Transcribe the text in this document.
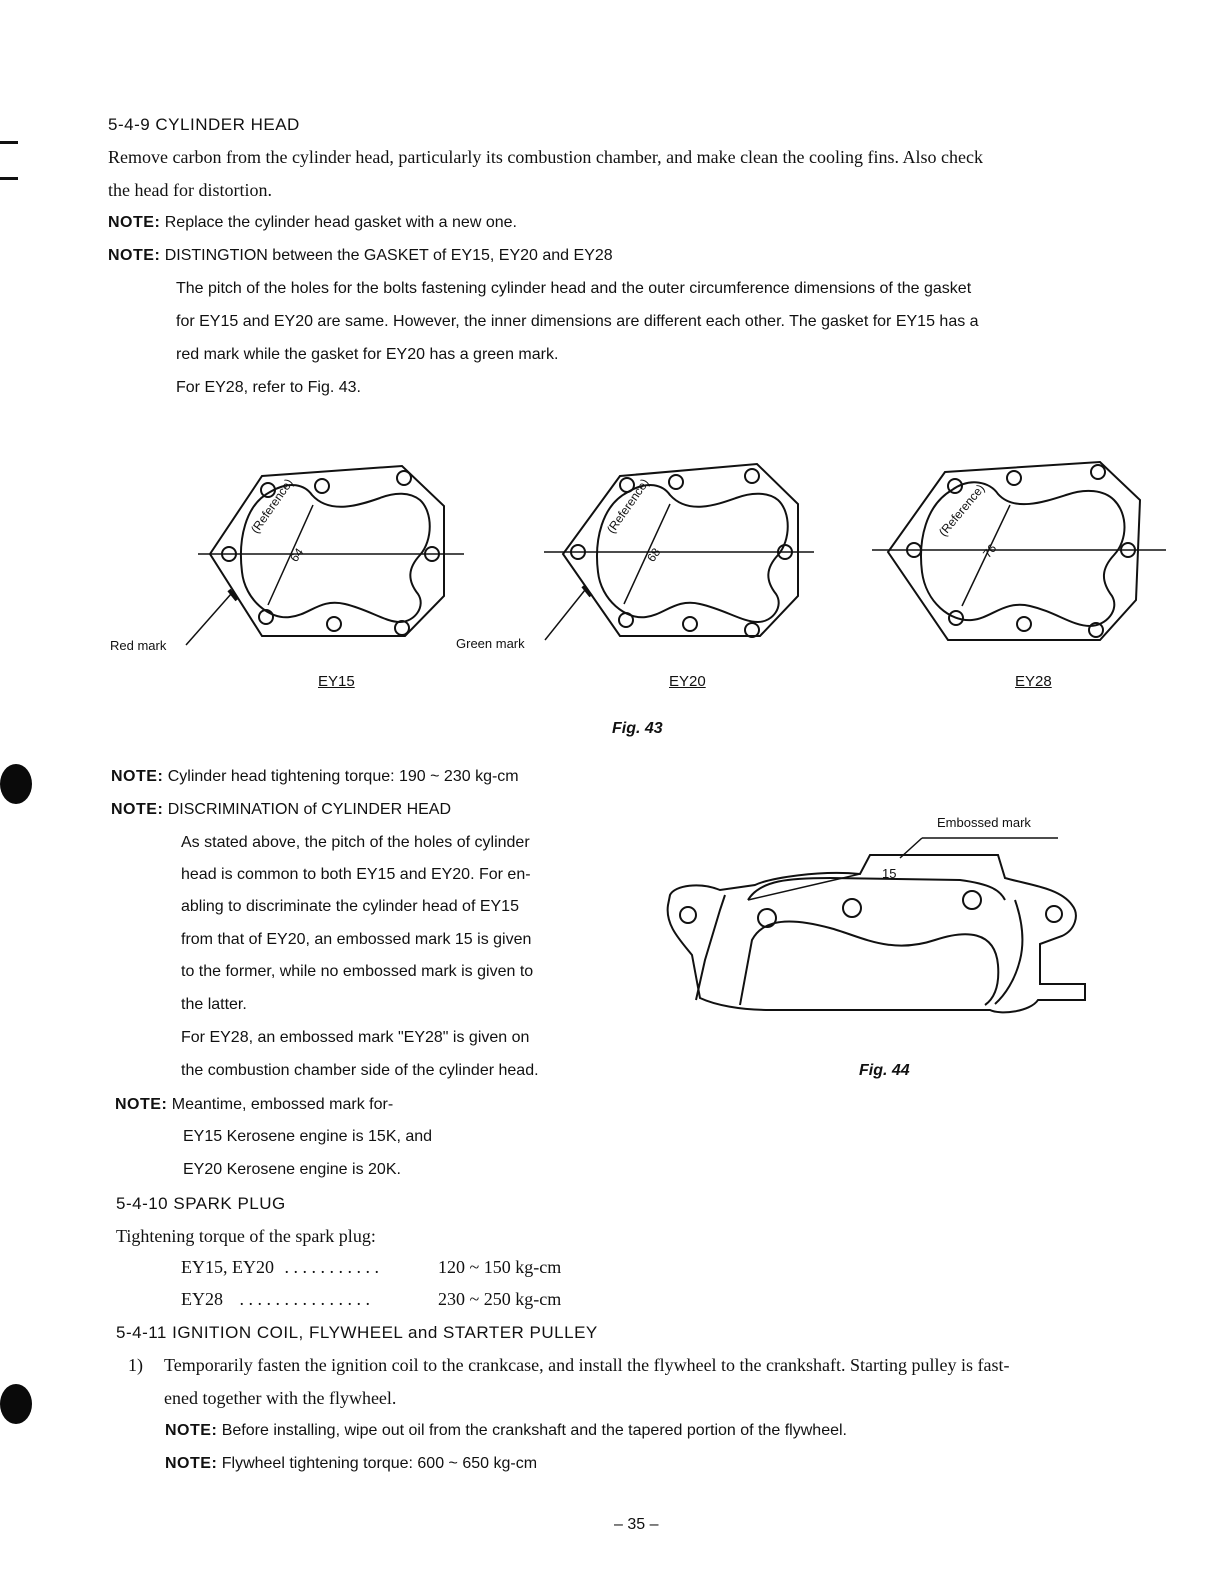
5-4-9 CYLINDER HEAD
Remove carbon from the cylinder head, particularly its combustion chamber, and make clean the cooling fins. Also check
the head for distortion.
NOTE: Replace the cylinder head gasket with a new one.
NOTE: DISTINGTION between the GASKET of EY15, EY20 and EY28
The pitch of the holes for the bolts fastening cylinder head and the outer circumference dimensions of the gasket
for EY15 and EY20 are same. However, the inner dimensions are different each other. The gasket for EY15 has a
red mark while the gasket for EY20 has a green mark.
For EY28, refer to Fig. 43.
(Reference)
64
(Reference)
68
(Reference)
76
Red mark	Green mark
EY15	EY20	EY28
Fig. 43
NOTE: Cylinder head tightening torque: 190 ~ 230 kg-cm
NOTE: DISCRIMINATION of CYLINDER HEAD
As stated above, the pitch of the holes of cylinder
head is common to both EY15 and EY20. For en-
abling to discriminate the cylinder head of EY15
from that of EY20, an embossed mark 15 is given
to the former, while no embossed mark is given to
the latter.
For EY28, an embossed mark "EY28" is given on
the combustion chamber side of the cylinder head.
Embossed mark
15
Fig. 44
NOTE: Meantime, embossed mark for-
EY15 Kerosene engine is 15K, and
EY20 Kerosene engine is 20K.
5-4-10 SPARK PLUG
Tightening torque of the spark plug:
EY15, EY20 . . . . . . . . . . .	120 ~ 150 kg-cm
EY28 . . . . . . . . . . . . . . .	230 ~ 250 kg-cm
5-4-11 IGNITION COIL, FLYWHEEL and STARTER PULLEY
1) Temporarily fasten the ignition coil to the crankcase, and install the flywheel to the crankshaft. Starting pulley is fast-
ened together with the flywheel.
NOTE: Before installing, wipe out oil from the crankshaft and the tapered portion of the flywheel.
NOTE: Flywheel tightening torque: 600 ~ 650 kg-cm
– 35 –
